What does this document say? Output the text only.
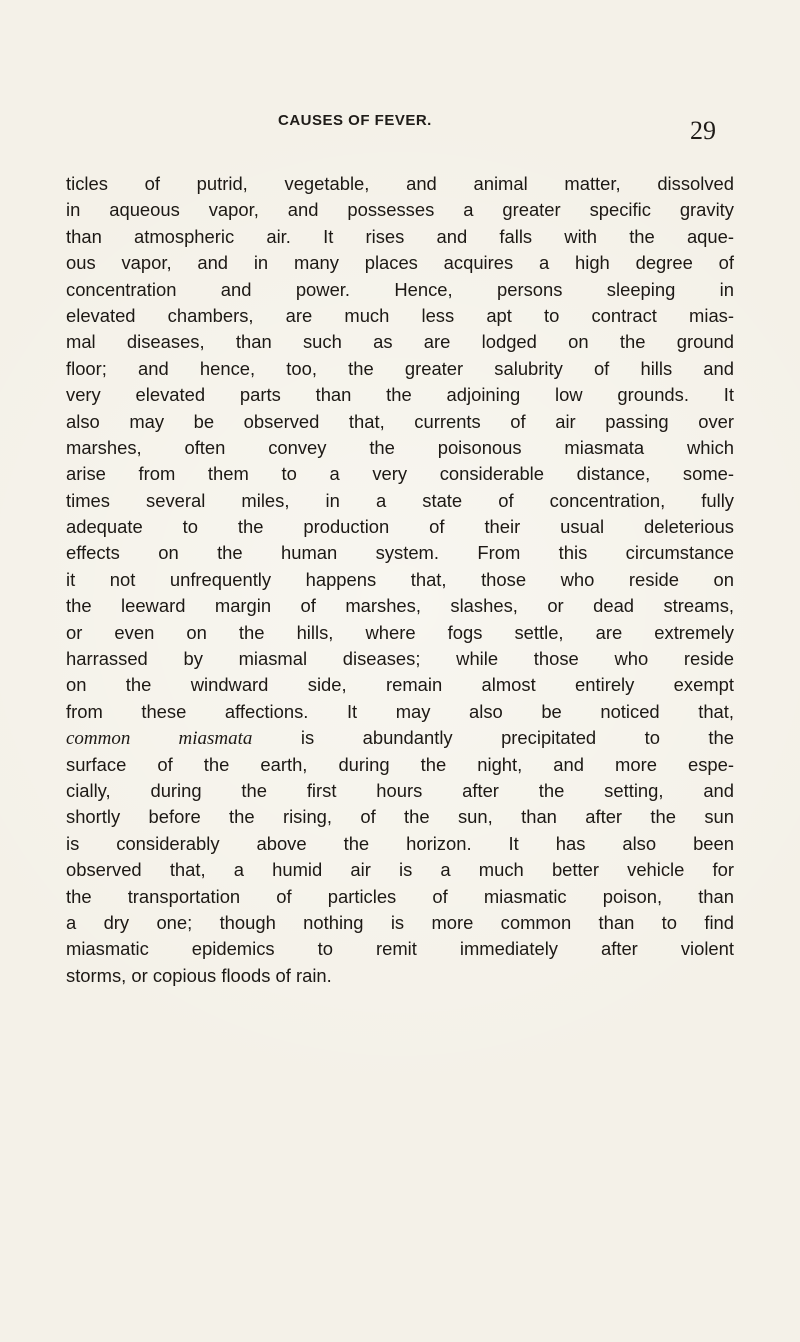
CAUSES OF FEVER.	29
ticles of putrid, vegetable, and animal matter, dissolved
in aqueous vapor, and possesses a greater specific gravity
than atmospheric air. It rises and falls with the aque-
ous vapor, and in many places acquires a high degree of
concentration and power. Hence, persons sleeping in
elevated chambers, are much less apt to contract mias-
mal diseases, than such as are lodged on the ground
floor; and hence, too, the greater salubrity of hills and
very elevated parts than the adjoining low grounds. It
also may be observed that, currents of air passing over
marshes, often convey the poisonous miasmata which
arise from them to a very considerable distance, some-
times several miles, in a state of concentration, fully
adequate to the production of their usual deleterious
effects on the human system. From this circumstance
it not unfrequently happens that, those who reside on
the leeward margin of marshes, slashes, or dead streams,
or even on the hills, where fogs settle, are extremely
harrassed by miasmal diseases; while those who reside
on the windward side, remain almost entirely exempt
from these affections. It may also be noticed that,
common miasmata	is abundantly precipitated to the
surface of the earth, during the night, and more espe-
cially, during the first hours after the setting, and
shortly before the rising, of the sun, than after the sun
is considerably above the horizon. It has also been
observed that, a humid air is a much better vehicle for
the transportation of particles of miasmatic poison, than
a dry one; though nothing is more common than to find
miasmatic epidemics to remit immediately after violent
storms, or copious floods of rain.
